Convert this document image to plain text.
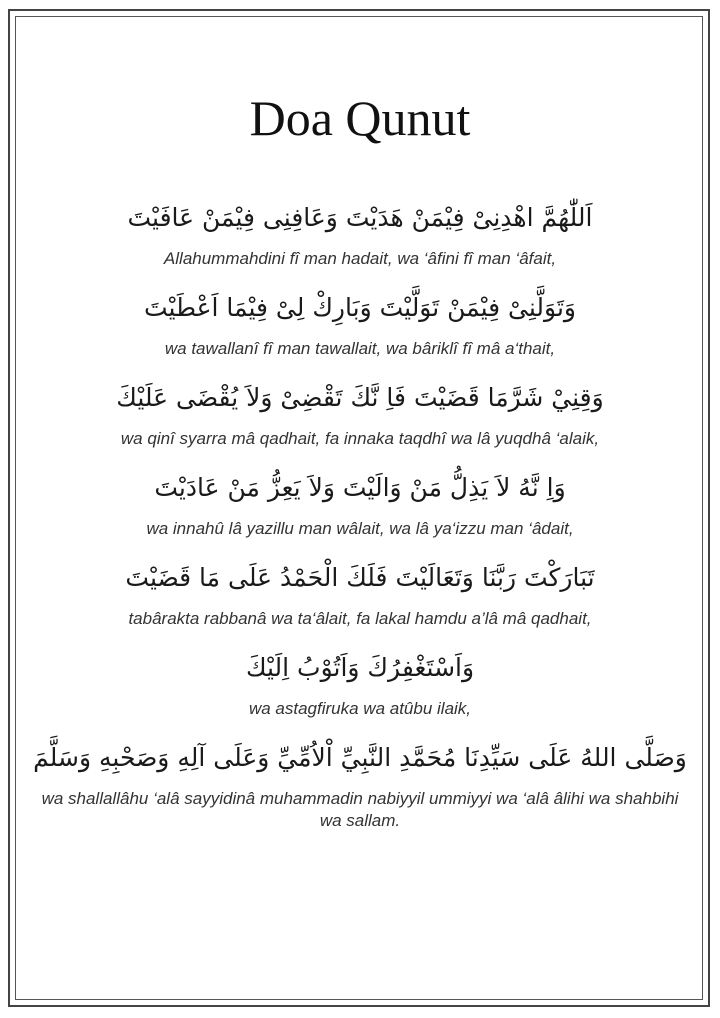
Doa Qunut
اَللّٰهُمَّ اهْدِنِىْ فِيْمَنْ هَدَيْتَ وَعَافِنِى فِيْمَنْ عَافَيْتَ
Allahummahdini fî man hadait, wa ‘âfini fî man ‘âfait,
وَتَوَلَّنِىْ فِيْمَنْ تَوَلَّيْتَ وَبَارِكْ لِىْ فِيْمَا اَعْطَيْتَ
wa tawallanî fî man tawallait, wa bâriklî fî mâ a‘thait,
وَقِنِيْ شَرَّمَا قَضَيْتَ فَاِ نَّكَ تَقْضِىْ وَلاَ يُقْضَى عَلَيْكَ
wa qinî syarra mâ qadhait, fa innaka taqdhî wa lâ yuqdhâ ‘alaik,
وَاِ نَّهُ لاَ يَذِلُّ مَنْ وَالَيْتَ وَلاَ يَعِزُّ مَنْ عَادَيْتَ
wa innahû lâ yazillu man wâlait, wa lâ ya‘izzu man ‘âdait,
تَبَارَكْتَ رَبَّنَا وَتَعَالَيْتَ فَلَكَ الْحَمْدُ عَلَى مَا قَضَيْتَ
tabârakta rabbanâ wa ta‘âlait, fa lakal hamdu a’lâ mâ qadhait,
وَاَسْتَغْفِرُكَ وَاَتُوْبُ اِلَيْكَ
wa astagfiruka wa atûbu ilaik,
وَصَلَّى اللهُ عَلَى سَيِّدِنَا مُحَمَّدِ النَّبِيِّ اْلاُمِّيِّ وَعَلَى آلِهِ وَصَحْبِهِ وَسَلَّمَ
wa shallallâhu ‘alâ sayyidinâ muhammadin nabiyyil ummiyyi wa ‘alâ âlihi wa shahbihi wa sallam.
